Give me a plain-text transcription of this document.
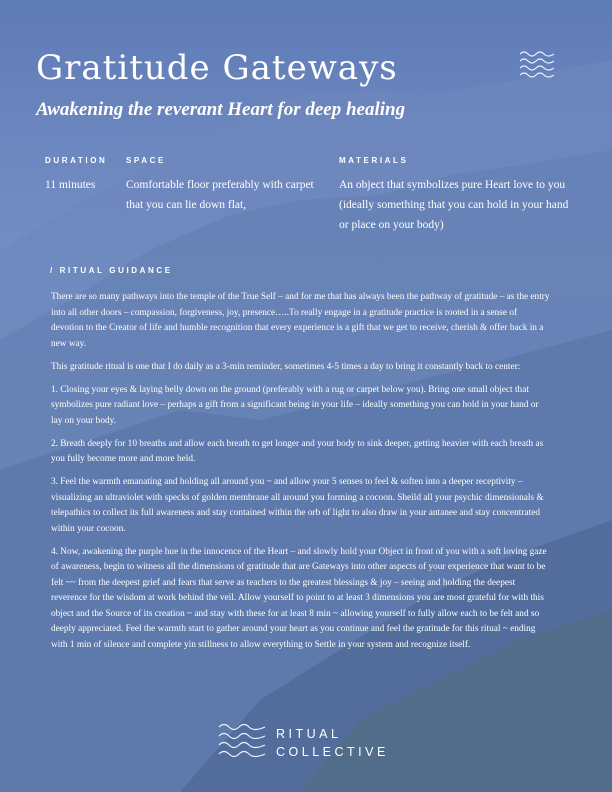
Gratitude Gateways
Awakening the reverant Heart for deep healing
DURATION SPACE	MATERIALS
11 minutes	Comfortable floor preferably with carpet that you can lie down flat,
An object that symbolizes pure Heart love to you (ideally something that you can hold in your hand or place on your body)
/ RITUAL GUIDANCE

There are so many pathways into the temple of the True Self – and for me that has always been the pathway of gratitude – as the entry into all other doors – compassion, forgiveness, joy, presence…..To really engage in a gratitude practice is rooted in a sense of devotion to the Creator of life and humble recognition that every experience is a gift that we get to receive, cherish & offer back in a new way.

This gratitude ritual is one that I do daily as a 3-min reminder, sometimes 4-5 times a day to bring it constantly back to center:

1. Closing your eyes & laying belly down on the ground (preferably with a rug or carpet below you). Bring one small object that symbolizes pure radiant love – perhaps a gift from a significant being in your life – ideally something you can hold in your hand or lay on your body.

2. Breath deeply for 10 breaths and allow each breath to get longer and your body to sink deeper, getting heavier with each breath as you fully become more and more held.

3. Feel the warmth emanating and holding all around you ~ and allow your 5 senses to feel & soften into a deeper receptivity – visualizing an ultraviolet with specks of golden membrane all around you forming a cocoon. Sheild all your psychic dimensionals & telepathics to collect its full awareness and stay contained within the orb of light to also draw in your antanee and stay concentrated within your cocoon.

4. Now, awakening the purple hue in the innocence of the Heart – and slowly hold your Object in front of you with a soft loving gaze of awareness, begin to witness all the dimensions of gratitude that are Gateways into other aspects of your experience that want to be felt ~~ from the deepest grief and fears that serve as teachers to the greatest blessings & joy – seeing and holding the deepest reverence for the wisdom at work behind the veil. Allow yourself to point to at least 3 dimensions you are most grateful for with this object and the Source of its creation ~ and stay with these for at least 8 min ~ allowing yourself to fully allow each to be felt and so deeply appreciated. Feel the warmth start to gather around your heart as you continue and feel the gratitude for this ritual ~ ending with 1 min of silence and complete yin stillness to allow everything to Settle in your system and recognize itself.

RITUAL
COLLECTIVE
